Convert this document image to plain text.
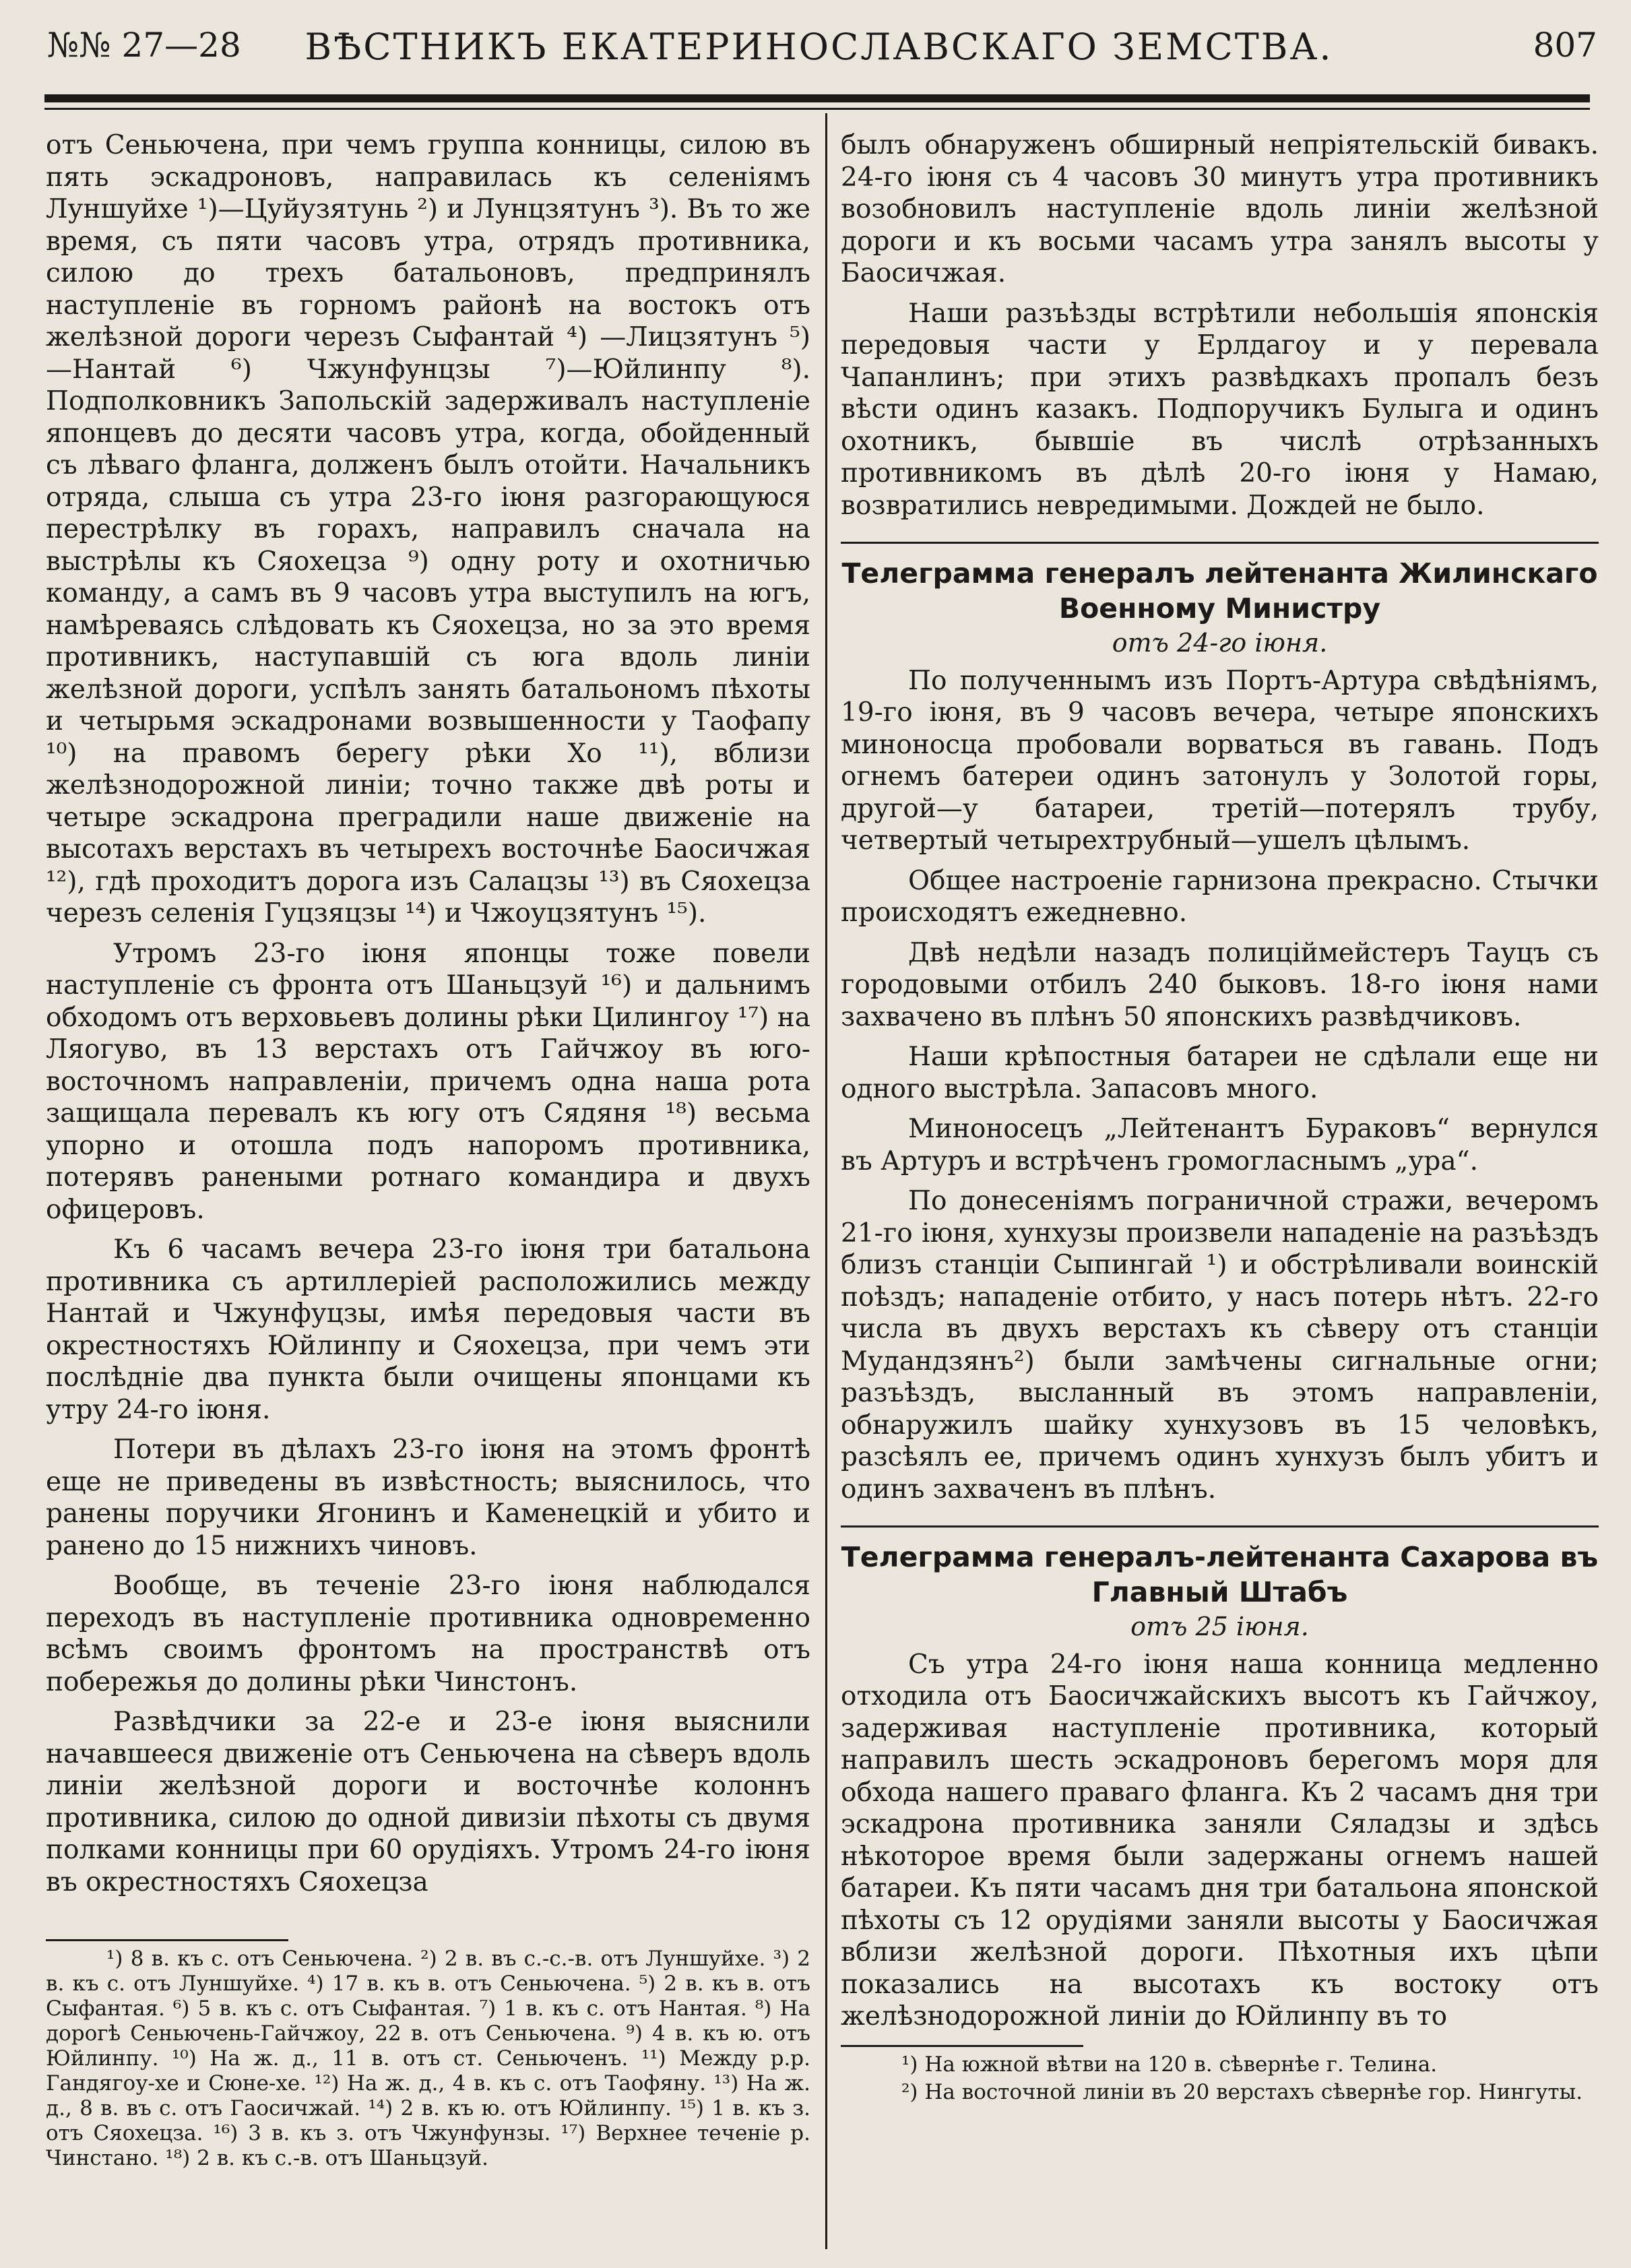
№№ 27—28	ВѢСТНИКЪ ЕКАТЕРИНОСЛАВСКАГО ЗЕМСТВА.	807

отъ Сеньючена, при чемъ группа конницы, силою въ пять эскадроновъ, направилась къ селеніямъ Луншуйхе ¹)—Цуйузятунь ²) и Лунцзятунъ ³). Въ то же время, съ пяти часовъ утра, отрядъ противника, силою до трехъ батальоновъ, предпринялъ наступленіе въ горномъ районѣ на востокъ отъ желѣзной дороги черезъ Сыфантай ⁴) —Лицзятунъ ⁵)—Нантай ⁶) Чжунфунцзы ⁷)—Юйлинпу ⁸). Подполковникъ Запольскій задерживалъ наступленіе японцевъ до десяти часовъ утра, когда, обойденный съ лѣваго фланга, долженъ былъ отойти. Начальникъ отряда, слыша съ утра 23-го іюня разгорающуюся перестрѣлку въ горахъ, направилъ сначала на выстрѣлы къ Сяохецза ⁹) одну роту и охотничью команду, а самъ въ 9 часовъ утра выступилъ на югъ, намѣреваясь слѣдовать къ Сяохецза, но за это время противникъ, наступавшій съ юга вдоль линіи желѣзной дороги, успѣлъ занять батальономъ пѣхоты и четырьмя эскадронами возвышенности у Таофапу ¹⁰) на правомъ берегу рѣки Хо ¹¹), вблизи желѣзнодорожной линіи; точно также двѣ роты и четыре эскадрона преградили наше движеніе на высотахъ верстахъ въ четырехъ восточнѣе Баосичжая ¹²), гдѣ проходитъ дорога изъ Салацзы ¹³) въ Сяохецза черезъ селенія Гуцзяцзы ¹⁴) и Чжоуцзятунъ ¹⁵).

Утромъ 23-го іюня японцы тоже повели наступленіе съ фронта отъ Шаньцзуй ¹⁶) и дальнимъ обходомъ отъ верховьевъ долины рѣки Цилингоу ¹⁷) на Ляогуво, въ 13 верстахъ отъ Гайчжоу въ юго-восточномъ направленіи, причемъ одна наша рота защищала перевалъ къ югу отъ Сядяня ¹⁸) весьма упорно и отошла подъ напоромъ противника, потерявъ ранеными ротнаго командира и двухъ офицеровъ.

Къ 6 часамъ вечера 23-го іюня три батальона противника съ артиллеріей расположились между Нантай и Чжунфуцзы, имѣя передовыя части въ окрестностяхъ Юйлинпу и Сяохецза, при чемъ эти послѣдніе два пункта были очищены японцами къ утру 24-го іюня.

Потери въ дѣлахъ 23-го іюня на этомъ фронтѣ еще не приведены въ извѣстность; выяснилось, что ранены поручики Ягонинъ и Каменецкій и убито и ранено до 15 нижнихъ чиновъ.

Вообще, въ теченіе 23-го іюня наблюдался переходъ въ наступленіе противника одновременно всѣмъ своимъ фронтомъ на пространствѣ отъ побережья до долины рѣки Чинстонъ.

Развѣдчики за 22-е и 23-е іюня выяснили начавшееся движеніе отъ Сеньючена на сѣверъ вдоль линіи желѣзной дороги и восточнѣе колоннъ противника, силою до одной дивизіи пѣхоты съ двумя полками конницы при 60 орудіяхъ. Утромъ 24-го іюня въ окрестностяхъ Сяохецза

¹) 8 в. къ с. отъ Сеньючена. ²) 2 в. въ с.-с.-в. отъ Луншуйхе. ³) 2 в. къ с. отъ Луншуйхе. ⁴) 17 в. къ в. отъ Сеньючена. ⁵) 2 в. къ в. отъ Сыфантая. ⁶) 5 в. къ с. отъ Сыфантая. ⁷) 1 в. къ с. отъ Нантая. ⁸) На дорогѣ Сеньючень-Гайчжоу, 22 в. отъ Сеньючена. ⁹) 4 в. къ ю. отъ Юйлинпу. ¹⁰) На ж. д., 11 в. отъ ст. Сеньюченъ. ¹¹) Между р.р. Гандягоу-хе и Сюне-хе. ¹²) На ж. д., 4 в. къ с. отъ Таофяну. ¹³) На ж. д., 8 в. въ с. отъ Гаосичжай. ¹⁴) 2 в. къ ю. отъ Юйлинпу. ¹⁵) 1 в. къ з. отъ Сяохецза. ¹⁶) 3 в. къ з. отъ Чжунфунзы. ¹⁷) Верхнее теченіе р. Чинстано. ¹⁸) 2 в. къ с.-в. отъ Шаньцзуй.

былъ обнаруженъ обширный непріятельскій бивакъ. 24-го іюня съ 4 часовъ 30 минутъ утра противникъ возобновилъ наступленіе вдоль линіи желѣзной дороги и къ восьми часамъ утра занялъ высоты у Баосичжая.

Наши разъѣзды встрѣтили небольшія японскія передовыя части у Ерлдагоу и у перевала Чапанлинъ; при этихъ развѣдкахъ пропалъ безъ вѣсти одинъ казакъ. Подпоручикъ Булыга и одинъ охотникъ, бывшіе въ числѣ отрѣзанныхъ противникомъ въ дѣлѣ 20-го іюня у Намаю, возвратились невредимыми. Дождей не было.

Телеграмма генералъ лейтенанта Жилинскаго Военному Министру
отъ 24-го іюня.

По полученнымъ изъ Портъ-Артура свѣдѣніямъ, 19-го іюня, въ 9 часовъ вечера, четыре японскихъ миноносца пробовали ворваться въ гавань. Подъ огнемъ батереи одинъ затонулъ у Золотой горы, другой—у батареи, третій—потерялъ трубу, четвертый четырехтрубный—ушелъ цѣлымъ.

Общее настроеніе гарнизона прекрасно. Стычки происходятъ ежедневно.

Двѣ недѣли назадъ полиціймейстеръ Тауцъ съ городовыми отбилъ 240 быковъ. 18-го іюня нами захвачено въ плѣнъ 50 японскихъ развѣдчиковъ.

Наши крѣпостныя батареи не сдѣлали еще ни одного выстрѣла. Запасовъ много.

Миноносецъ „Лейтенантъ Бураковъ“ вернулся въ Артуръ и встрѣченъ громогласнымъ „ура“.

По донесеніямъ пограничной стражи, вечеромъ 21-го іюня, хунхузы произвели нападеніе на разъѣздъ близъ станціи Сыпингай ¹) и обстрѣливали воинскій поѣздъ; нападеніе отбито, у насъ потерь нѣтъ. 22-го числа въ двухъ верстахъ къ сѣверу отъ станціи Мудандзянъ²) были замѣчены сигнальные огни; разъѣздъ, высланный въ этомъ направленіи, обнаружилъ шайку хунхузовъ въ 15 человѣкъ, разсѣялъ ее, причемъ одинъ хунхузъ былъ убитъ и одинъ захваченъ въ плѣнъ.

Телеграмма генералъ-лейтенанта Сахарова въ Главный Штабъ
отъ 25 іюня.

Съ утра 24-го іюня наша конница медленно отходила отъ Баосичжайскихъ высотъ къ Гайчжоу, задерживая наступленіе противника, который направилъ шесть эскадроновъ берегомъ моря для обхода нашего праваго фланга. Къ 2 часамъ дня три эскадрона противника заняли Сяладзы и здѣсь нѣкоторое время были задержаны огнемъ нашей батареи. Къ пяти часамъ дня три батальона японской пѣхоты съ 12 орудіями заняли высоты у Баосичжая вблизи желѣзной дороги. Пѣхотныя ихъ цѣпи показались на высотахъ къ востоку отъ желѣзнодорожной линіи до Юйлинпу въ то

¹) На южной вѣтви на 120 в. сѣвернѣе г. Телина.

²) На восточной линіи въ 20 верстахъ сѣвернѣе гор. Нингуты.
